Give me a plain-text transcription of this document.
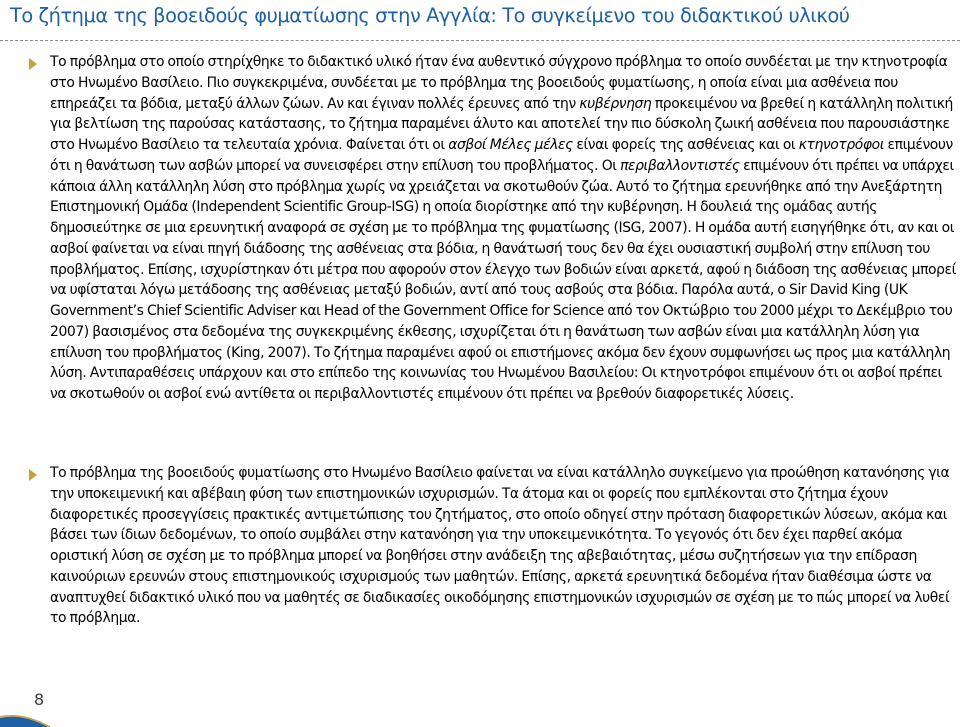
Το ζήτημα της βοοειδούς φυματίωσης στην Αγγλία: Το συγκείμενο του διδακτικού υλικού

Το πρόβλημα στο οποίο στηρίχθηκε το διδακτικό υλικό ήταν ένα αυθεντικό σύγχρονο πρόβλημα το οποίο συνδέεται με την κτηνοτροφία στο Ηνωμένο Βασίλειο. Πιο συγκεκριμένα, συνδέεται με το πρόβλημα της βοοειδούς φυματίωσης, η οποία είναι μια ασθένεια που επηρεάζει τα βόδια, μεταξύ άλλων ζώων. Αν και έγιναν πολλές έρευνες από την κυβέρνηση προκειμένου να βρεθεί η κατάλληλη πολιτική για βελτίωση της παρούσας κατάστασης, το ζήτημα παραμένει άλυτο και αποτελεί την πιο δύσκολη ζωική ασθένεια που παρουσιάστηκε στο Ηνωμένο Βασίλειο τα τελευταία χρόνια. Φαίνεται ότι οι ασβοί Μέλες μέλες είναι φορείς της ασθένειας και οι κτηνοτρόφοι επιμένουν ότι η θανάτωση των ασβών μπορεί να συνεισφέρει στην επίλυση του προβλήματος. Οι περιβαλλοντιστές επιμένουν ότι πρέπει να υπάρχει κάποια άλλη κατάλληλη λύση στο πρόβλημα χωρίς να χρειάζεται να σκοτωθούν ζώα. Αυτό το ζήτημα ερευνήθηκε από την Ανεξάρτητη Επιστημονική Ομάδα (Independent Scientific Group-ISG) η οποία διορίστηκε από την κυβέρνηση. Η δουλειά της ομάδας αυτής δημοσιεύτηκε σε μια ερευνητική αναφορά σε σχέση με το πρόβλημα της φυματίωσης (ISG, 2007). Η ομάδα αυτή εισηγήθηκε ότι, αν και οι ασβοί φαίνεται να είναι πηγή διάδοσης της ασθένειας στα βόδια, η θανάτωσή τους δεν θα έχει ουσιαστική συμβολή στην επίλυση του προβλήματος. Επίσης, ισχυρίστηκαν ότι μέτρα που αφορούν στον έλεγχο των βοδιών είναι αρκετά, αφού η διάδοση της ασθένειας μπορεί να υφίσταται λόγω μετάδοσης της ασθένειας μεταξύ βοδιών, αντί από τους ασβούς στα βόδια. Παρόλα αυτά, ο Sir David King (UK Government’s Chief Scientific Adviser και Head of the Government Office for Science από τον Οκτώβριο του 2000 μέχρι το Δεκέμβριο του 2007) βασισμένος στα δεδομένα της συγκεκριμένης έκθεσης, ισχυρίζεται ότι η θανάτωση των ασβών είναι μια κατάλληλη λύση για επίλυση του προβλήματος (King, 2007). Το ζήτημα παραμένει αφού οι επιστήμονες ακόμα δεν έχουν συμφωνήσει ως προς μια κατάλληλη λύση. Αντιπαραθέσεις υπάρχουν και στο επίπεδο της κοινωνίας του Ηνωμένου Βασιλείου: Οι κτηνοτρόφοι επιμένουν ότι οι ασβοί πρέπει να σκοτωθούν οι ασβοί ενώ αντίθετα οι περιβαλλοντιστές επιμένουν ότι πρέπει να βρεθούν διαφορετικές λύσεις.

Το πρόβλημα της βοοειδούς φυματίωσης στο Ηνωμένο Βασίλειο φαίνεται να είναι κατάλληλο συγκείμενο για προώθηση κατανόησης για την υποκειμενική και αβέβαιη φύση των επιστημονικών ισχυρισμών. Τα άτομα και οι φορείς που εμπλέκονται στο ζήτημα έχουν διαφορετικές προσεγγίσεις πρακτικές αντιμετώπισης του ζητήματος, στο οποίο οδηγεί στην πρόταση διαφορετικών λύσεων, ακόμα και βάσει των ίδιων δεδομένων, το οποίο συμβάλει στην κατανόηση για την υποκειμενικότητα. Το γεγονός ότι δεν έχει παρθεί ακόμα οριστική λύση σε σχέση με το πρόβλημα μπορεί να βοηθήσει στην ανάδειξη της αβεβαιότητας, μέσω συζητήσεων για την επίδραση καινούριων ερευνών στους επιστημονικούς ισχυρισμούς των μαθητών. Επίσης, αρκετά ερευνητικά δεδομένα ήταν διαθέσιμα ώστε να αναπτυχθεί διδακτικό υλικό που να μαθητές σε διαδικασίες οικοδόμησης επιστημονικών ισχυρισμών σε σχέση με το πώς μπορεί να λυθεί το πρόβλημα.

8
